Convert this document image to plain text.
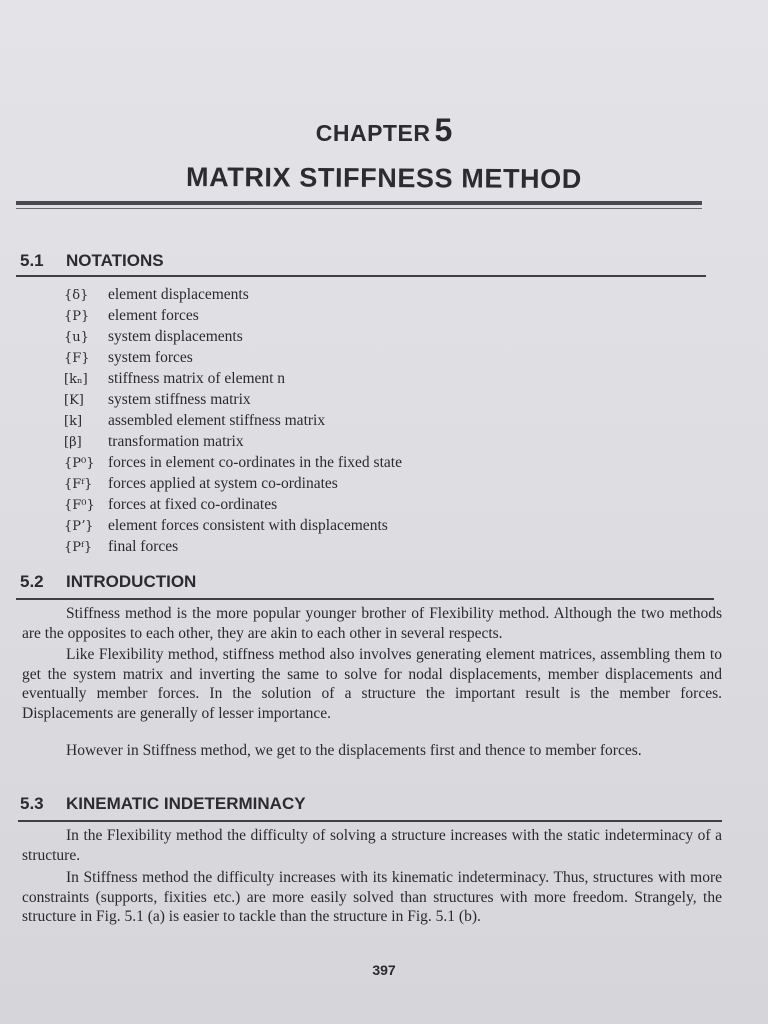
CHAPTER 5
MATRIX STIFFNESS METHOD
5.1 NOTATIONS
{δ} element displacements
{P} element forces
{u} system displacements
{F} system forces
[kₙ] stiffness matrix of element n
[K] system stiffness matrix
[k] assembled element stiffness matrix
[β] transformation matrix
{P⁰} forces in element co-ordinates in the fixed state
{Fᶠ} forces applied at system co-ordinates
{F⁰} forces at fixed co-ordinates
{Pʼ} element forces consistent with displacements
{Pᶠ} final forces
5.2 INTRODUCTION

Stiffness method is the more popular younger brother of Flexibility method. Although the two methods are the opposites to each other, they are akin to each other in several respects.

Like Flexibility method, stiffness method also involves generating element matrices, assembling them to get the system matrix and inverting the same to solve for nodal displacements, member displacements and eventually member forces. In the solution of a structure the important result is the member forces. Displacements are generally of lesser importance.

However in Stiffness method, we get to the displacements first and thence to member forces.

5.3 KINEMATIC INDETERMINACY

In the Flexibility method the difficulty of solving a structure increases with the static indeterminacy of a structure.

In Stiffness method the difficulty increases with its kinematic indeterminacy. Thus, structures with more constraints (supports, fixities etc.) are more easily solved than structures with more freedom. Strangely, the structure in Fig. 5.1 (a) is easier to tackle than the structure in Fig. 5.1 (b).

397
